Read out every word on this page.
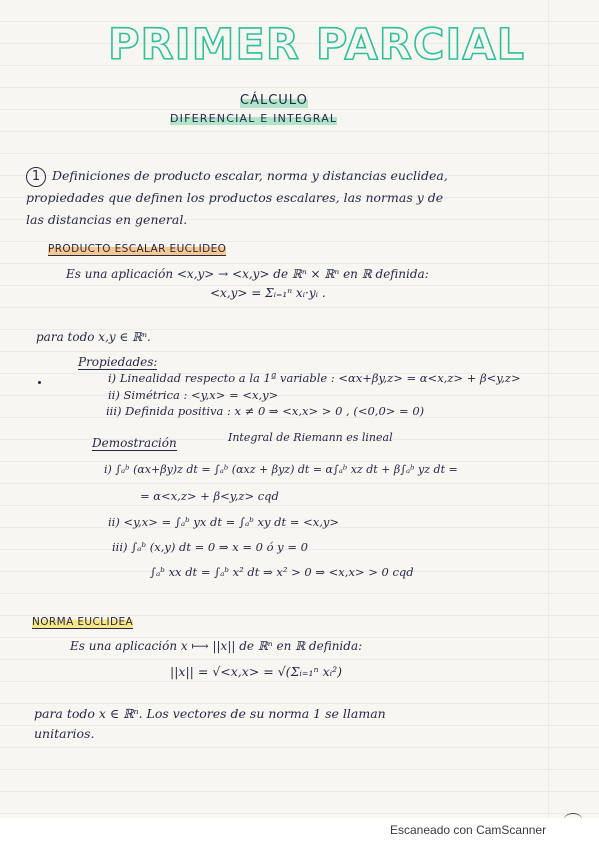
PRIMER PARCIAL
CÁLCULO
DIFERENCIAL E INTEGRAL
1 Definiciones de producto escalar, norma y distancias euclidea,
propiedades que definen los productos escalares, las normas y de
las distancias en general.
PRODUCTO ESCALAR EUCLIDEO
Es una aplicación <x,y> → <x,y> de ℝⁿ × ℝⁿ en ℝ definida:
<x,y> = Σᵢ₌₁ⁿ xᵢ·yᵢ .
para todo x,y ∈ ℝⁿ.
Propiedades:
i) Linealidad respecto a la 1ª variable : <αx+βy,z> = α<x,z> + β<y,z>
ii) Simétrica : <y,x> = <x,y>
iii) Definida positiva : x ≠ 0 ⇒ <x,x> > 0 , (<0,0> = 0)
Demostración	Integral de Riemann es lineal
i) ∫ₐᵇ (αx+βy)z dt = ∫ₐᵇ (αxz + βyz) dt = α∫ₐᵇ xz dt + β∫ₐᵇ yz dt =
= α<x,z> + β<y,z> cqd
ii) <y,x> = ∫ₐᵇ yx dt = ∫ₐᵇ xy dt = <x,y>
iii) ∫ₐᵇ (x,y) dt = 0 ⇒ x = 0 ó y = 0
∫ₐᵇ xx dt = ∫ₐᵇ x² dt ⇒ x² > 0 ⇒ <x,x> > 0 cqd
NORMA EUCLIDEA
Es una aplicación x ⟼ ||x|| de ℝⁿ en ℝ definida:
||x|| = √<x,x> = √(Σᵢ₌₁ⁿ xᵢ²)
para todo x ∈ ℝⁿ. Los vectores de su norma 1 se llaman
unitarios.
Escaneado con CamScanner
